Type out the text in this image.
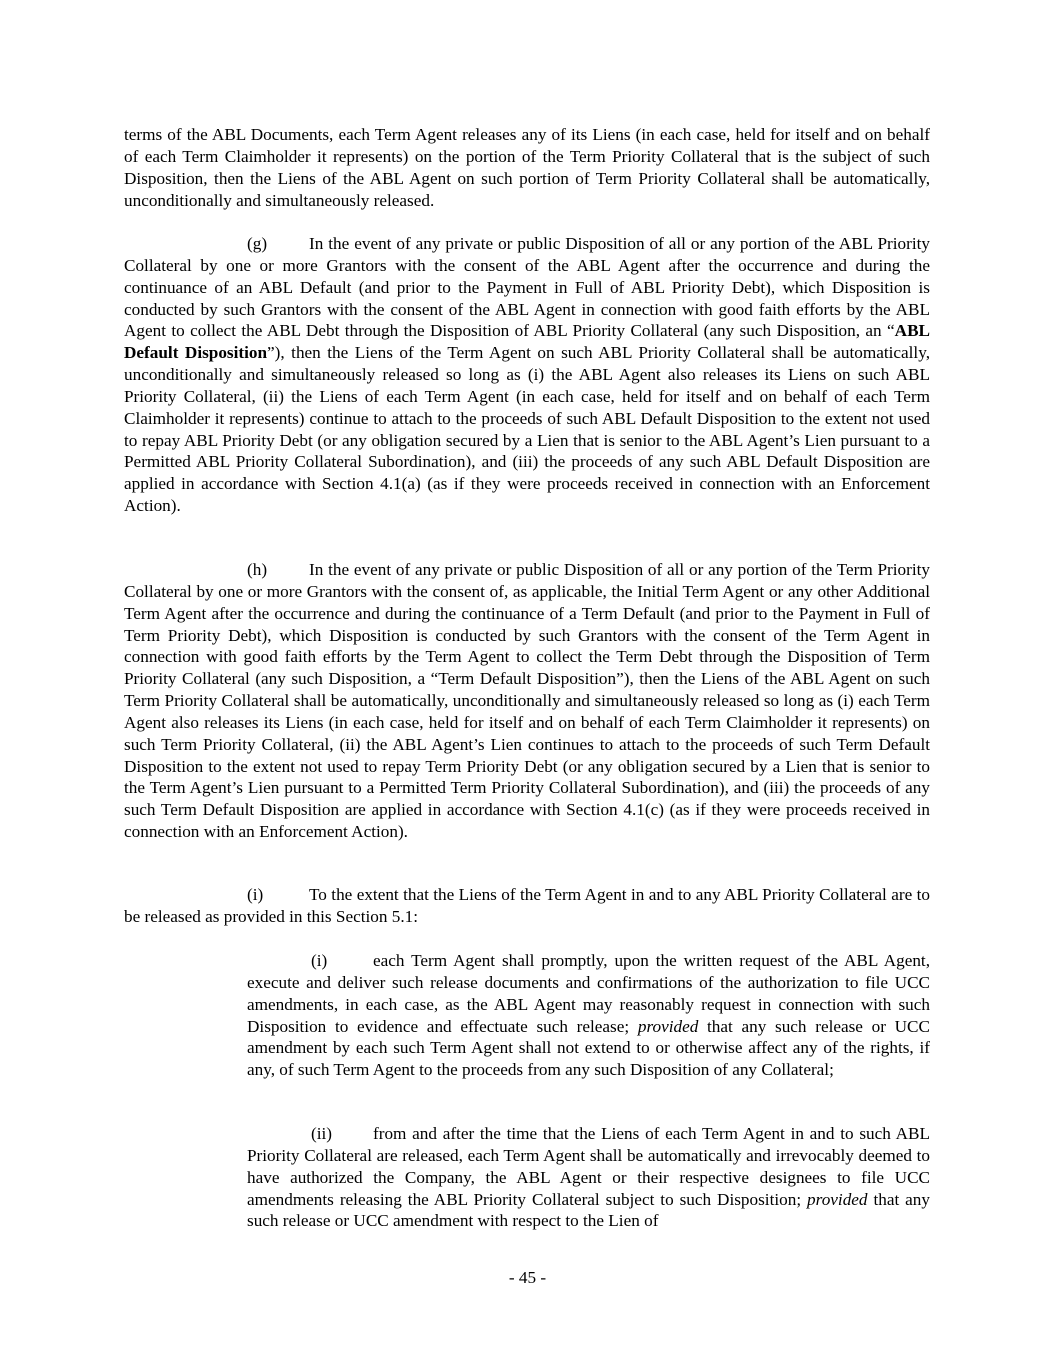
terms of the ABL Documents, each Term Agent releases any of its Liens (in each case, held for itself and on behalf of each Term Claimholder it represents) on the portion of the Term Priority Collateral that is the subject of such Disposition, then the Liens of the ABL Agent on such portion of Term Priority Collateral shall be automatically, unconditionally and simultaneously released.

(g) In the event of any private or public Disposition of all or any portion of the ABL Priority Collateral by one or more Grantors with the consent of the ABL Agent after the occurrence and during the continuance of an ABL Default (and prior to the Payment in Full of ABL Priority Debt), which Disposition is conducted by such Grantors with the consent of the ABL Agent in connection with good faith efforts by the ABL Agent to collect the ABL Debt through the Disposition of ABL Priority Collateral (any such Disposition, an “ABL Default Disposition”), then the Liens of the Term Agent on such ABL Priority Collateral shall be automatically, unconditionally and simultaneously released so long as (i) the ABL Agent also releases its Liens on such ABL Priority Collateral, (ii) the Liens of each Term Agent (in each case, held for itself and on behalf of each Term Claimholder it represents) continue to attach to the proceeds of such ABL Default Disposition to the extent not used to repay ABL Priority Debt (or any obligation secured by a Lien that is senior to the ABL Agent’s Lien pursuant to a Permitted ABL Priority Collateral Subordination), and (iii) the proceeds of any such ABL Default Disposition are applied in accordance with Section 4.1(a) (as if they were proceeds received in connection with an Enforcement Action).

(h) In the event of any private or public Disposition of all or any portion of the Term Priority Collateral by one or more Grantors with the consent of, as applicable, the Initial Term Agent or any other Additional Term Agent after the occurrence and during the continuance of a Term Default (and prior to the Payment in Full of Term Priority Debt), which Disposition is conducted by such Grantors with the consent of the Term Agent in connection with good faith efforts by the Term Agent to collect the Term Debt through the Disposition of Term Priority Collateral (any such Disposition, a “Term Default Disposition”), then the Liens of the ABL Agent on such Term Priority Collateral shall be automatically, unconditionally and simultaneously released so long as (i) each Term Agent also releases its Liens (in each case, held for itself and on behalf of each Term Claimholder it represents) on such Term Priority Collateral, (ii) the ABL Agent’s Lien continues to attach to the proceeds of such Term Default Disposition to the extent not used to repay Term Priority Debt (or any obligation secured by a Lien that is senior to the Term Agent’s Lien pursuant to a Permitted Term Priority Collateral Subordination), and (iii) the proceeds of any such Term Default Disposition are applied in accordance with Section 4.1(c) (as if they were proceeds received in connection with an Enforcement Action).

(i)	To the extent that the Liens of the Term Agent in and to any ABL Priority Collateral are to be released as provided in this Section 5.1:

(i)	each Term Agent shall promptly, upon the written request of the ABL Agent, execute and deliver such release documents and confirmations of the authorization to file UCC amendments, in each case, as the ABL Agent may reasonably request in connection with such Disposition to evidence and effectuate such release; provided that any such release or UCC amendment by each such Term Agent shall not extend to or otherwise affect any of the rights, if any, of such Term Agent to the proceeds from any such Disposition of any Collateral;

(ii) from and after the time that the Liens of each Term Agent in and to such ABL Priority Collateral are released, each Term Agent shall be automatically and irrevocably deemed to have authorized the Company, the ABL Agent or their respective designees to file UCC amendments releasing the ABL Priority Collateral subject to such Disposition; provided that any such release or UCC amendment with respect to the Lien of

- 45 -
